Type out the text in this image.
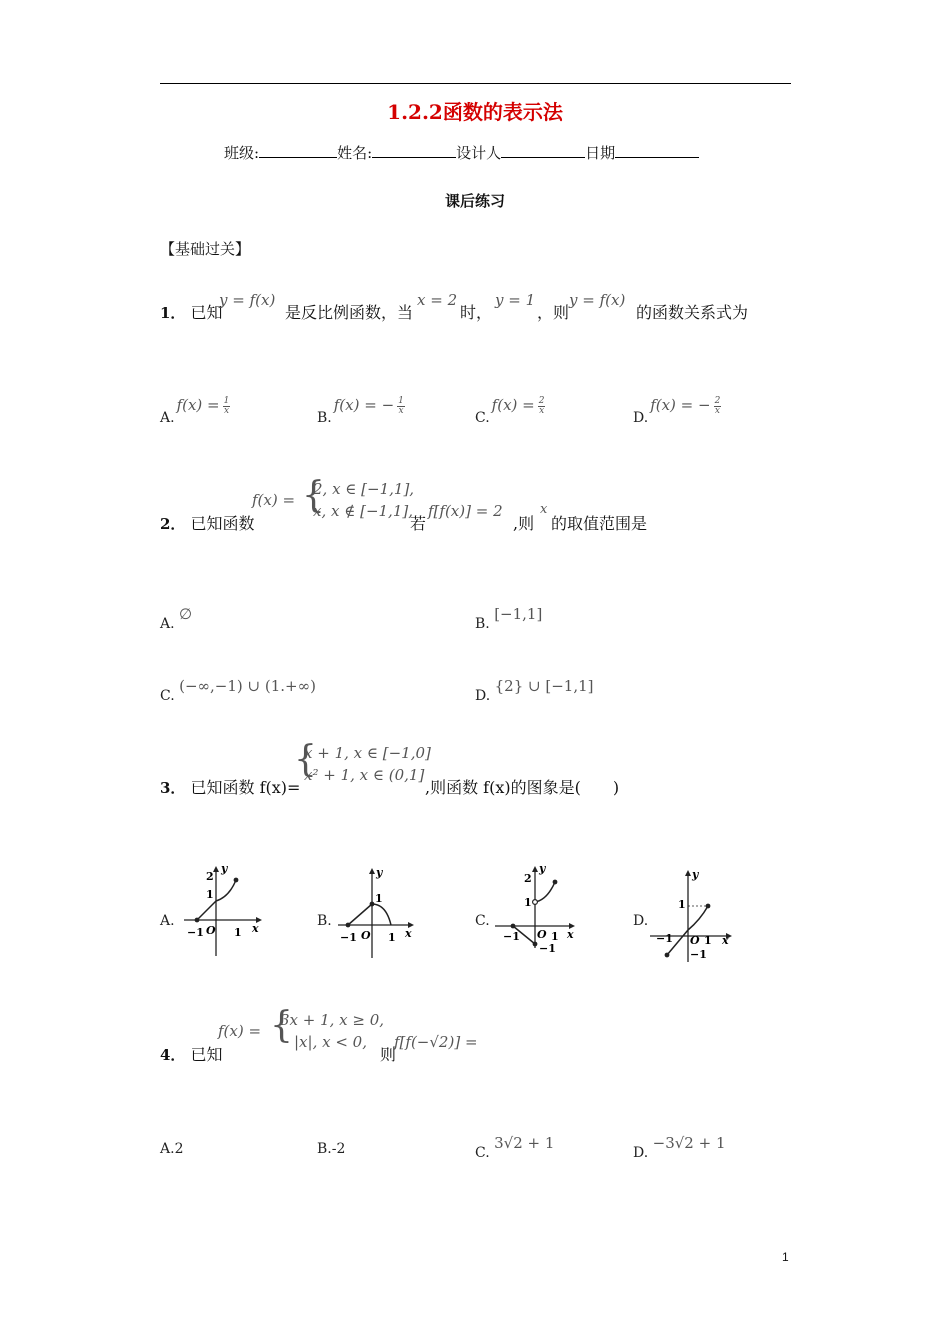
1.2.2函数的表示法
班级:	姓名:	设计人	日期
课后练习
【基础过关】
1． 已知
y = f(x)
是反比例函数，当
x = 2
时，
y = 1
，则
y = f(x)
的函数关系式为
$A.f(x) = \frac{1}{x}$
B.f(x) = − $\frac{1}{x}$
$C.f(x) = \frac{2}{x}$
D.f(x) = − $\frac{2}{x}$
2． 已知函数
f(x) = {
2, x ∈ [−1,1],
x, x ∉ [−1,1],
若
f[f(x)] = 2
,则
x
的取值范围是
A. ∅
B. [−1,1]
C. (−∞,−1) ∪ (1.+∞)
D. {2} ∪ [−1,1]
3． 已知函数 f(x)=
{
x + 1, x ∈ [−1,0]
x² + 1, x ∈ (0,1]
,则函数 f(x)的图象是(　　)
A.	B.	C.	D.
y
2
1
−1 O 1 x
y
1
−1 O 1 x
y
2
1
−1 O 1
−1
x
y
1
−1 O 1
−1
x
4． 已知
f(x) = {
3x + 1, x ≥ 0,
|x|, x < 0,
则
f[f(−√2)] =
A.2	B.-2	C. 3√2 + 1
D. −3√2 + 1
1
